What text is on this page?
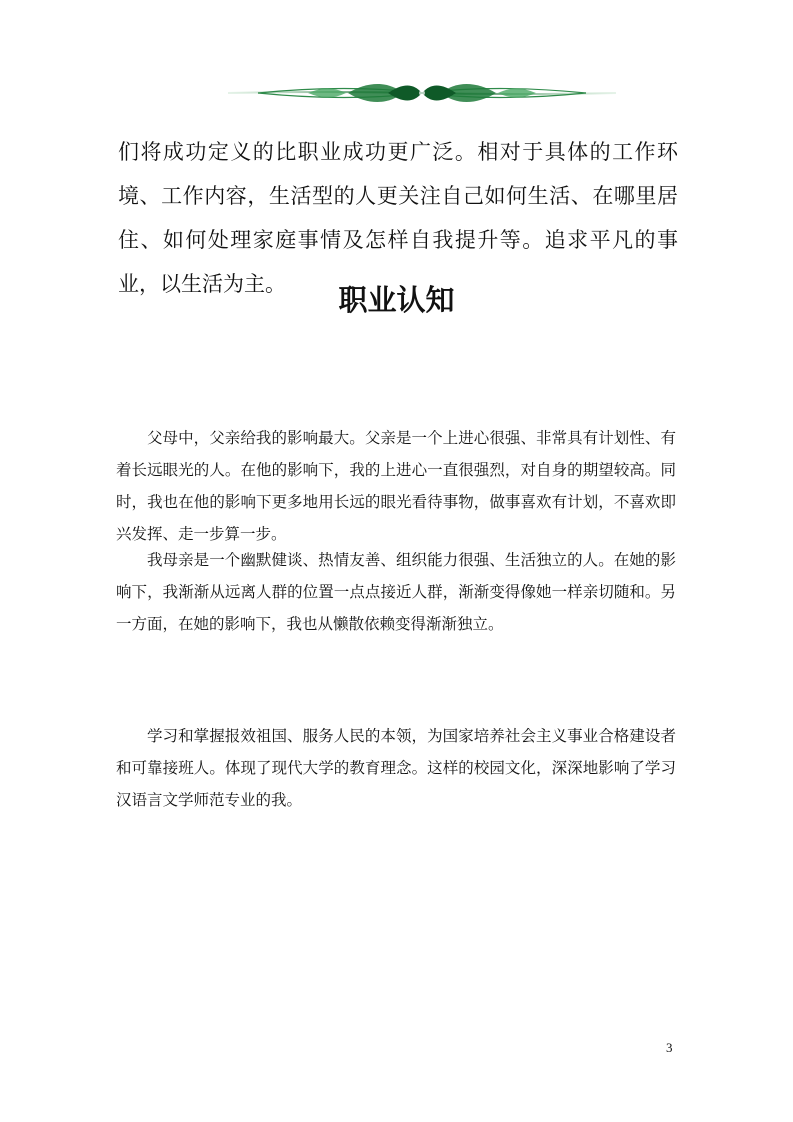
们将成功定义的比职业成功更广泛。相对于具体的工作环境、工作内容，生活型的人更关注自己如何生活、在哪里居住、如何处理家庭事情及怎样自我提升等。追求平凡的事业，以生活为主。	职业认知

父母中，父亲给我的影响最大。父亲是一个上进心很强、非常具有计划性、有着长远眼光的人。在他的影响下，我的上进心一直很强烈，对自身的期望较高。同时，我也在他的影响下更多地用长远的眼光看待事物，做事喜欢有计划，不喜欢即兴发挥、走一步算一步。

我母亲是一个幽默健谈、热情友善、组织能力很强、生活独立的人。在她的影响下，我渐渐从远离人群的位置一点点接近人群，渐渐变得像她一样亲切随和。另一方面，在她的影响下，我也从懒散依赖变得渐渐独立。

学习和掌握报效祖国、服务人民的本领，为国家培养社会主义事业合格建设者和可靠接班人。体现了现代大学的教育理念。这样的校园文化，深深地影响了学习汉语言文学师范专业的我。

3
